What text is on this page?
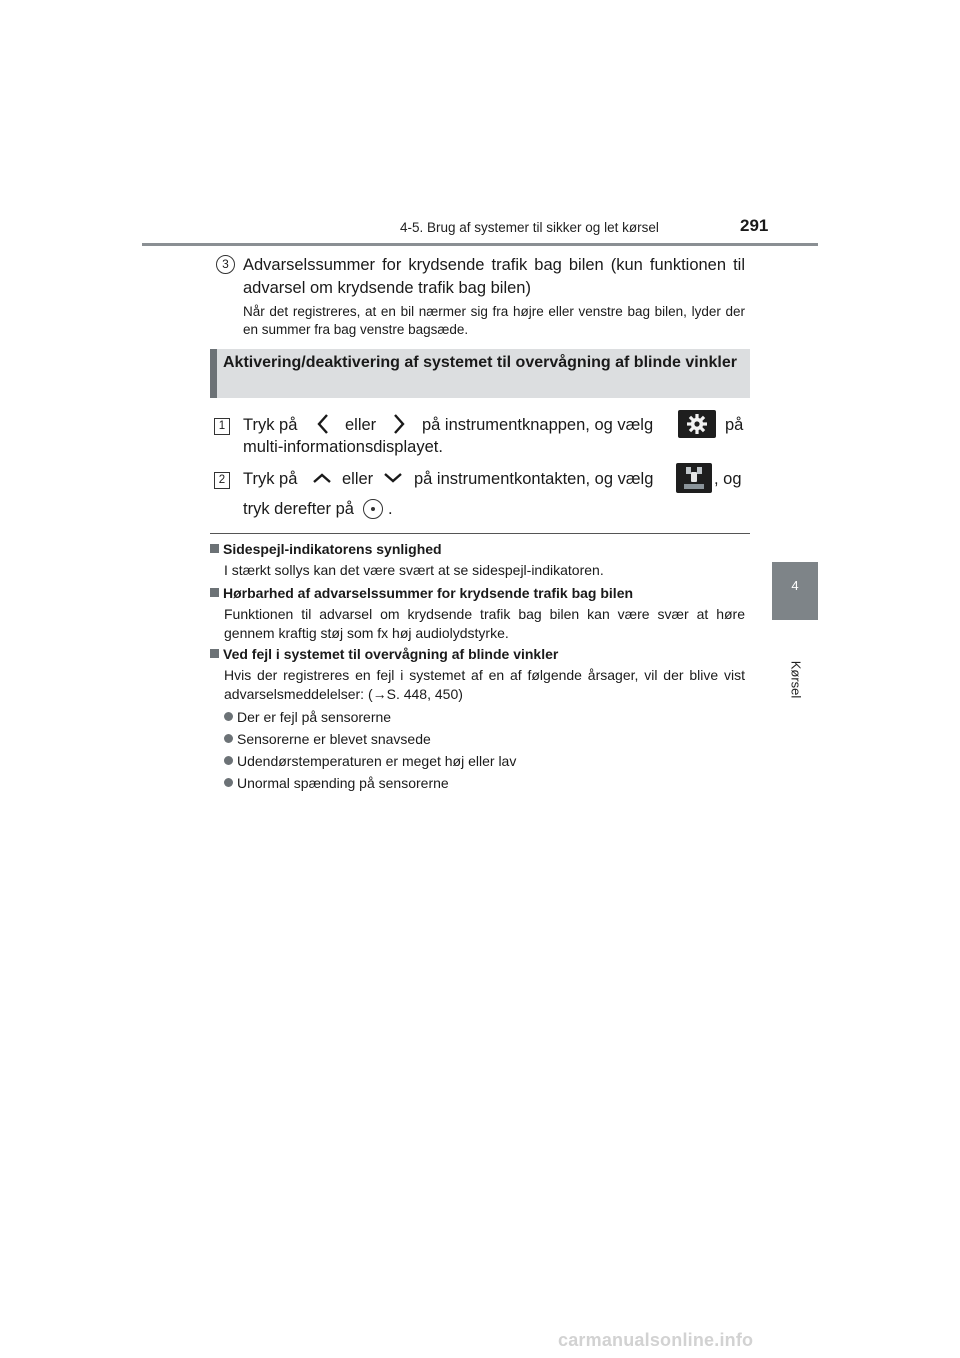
4-5. Brug af systemer til sikker og let kørsel	291
4
Kørsel
3 Advarselssummer for krydsende trafik bag bilen (kun funktionen til advarsel om krydsende trafik bag bilen)
Når det registreres, at en bil nærmer sig fra højre eller venstre bag bilen, lyder der en summer fra bag venstre bagsæde.
Aktivering/deaktivering af systemet til overvågning af blinde vinkler
1 Tryk på	eller	på instrumentknappen, og vælg	på
multi-informationsdisplayet.
2 Tryk på	eller på instrumentkontakten, og vælg	, og
tryk derefter på .
Sidespejl-indikatorens synlighed
I stærkt sollys kan det være svært at se sidespejl-indikatoren.
Hørbarhed af advarselssummer for krydsende trafik bag bilen
Funktionen til advarsel om krydsende trafik bag bilen kan være svær at høre gennem kraftig støj som fx høj audiolydstyrke.
Ved fejl i systemet til overvågning af blinde vinkler
Hvis der registreres en fejl i systemet af en af følgende årsager, vil der blive vist advarselsmeddelelser: (→S. 448, 450)
Der er fejl på sensorerne
Sensorerne er blevet snavsede
Udendørstemperaturen er meget høj eller lav
Unormal spænding på sensorerne
carmanualsonline.info
